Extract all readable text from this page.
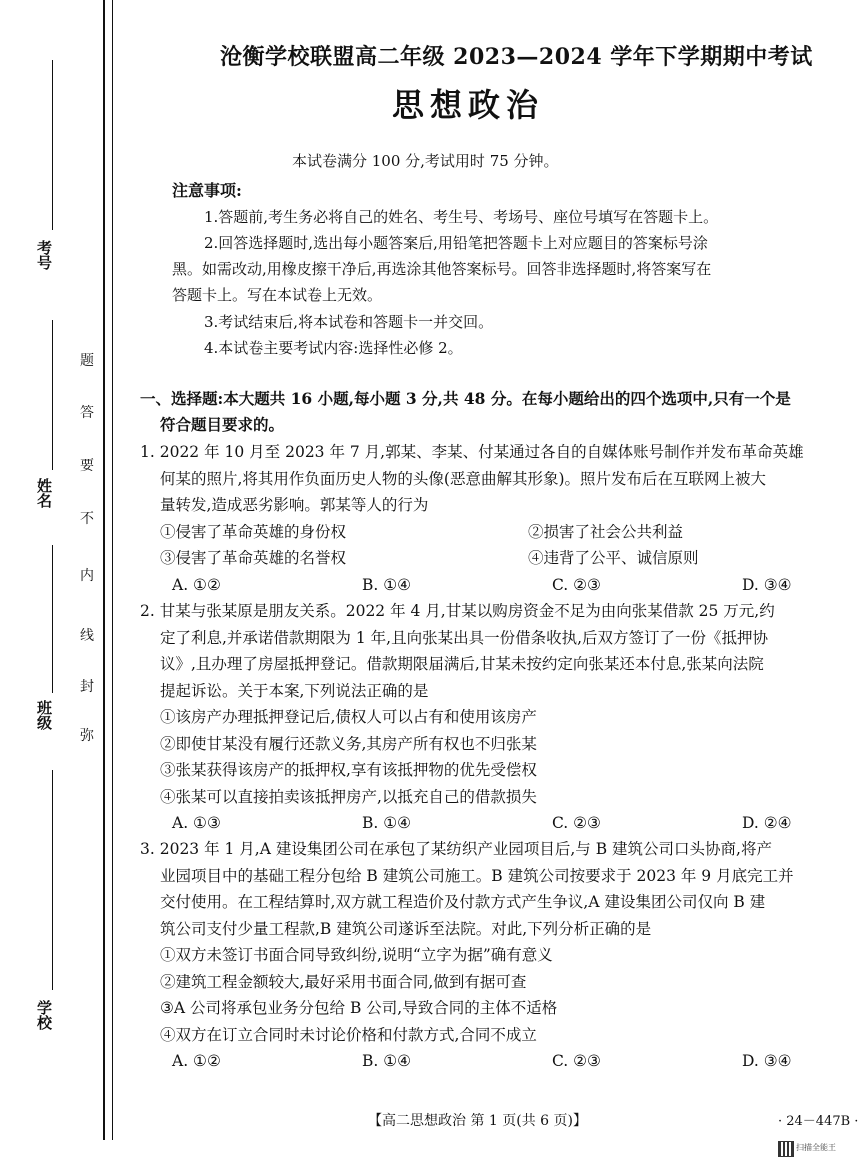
考号
姓名
班级
学校
题
答
要
不
内
线
封
弥
沧衡学校联盟高二年级 2023—2024 学年下学期期中考试
思想政治
本试卷满分 100 分,考试用时 75 分钟。
注意事项:
1.答题前,考生务必将自己的姓名、考生号、考场号、座位号填写在答题卡上。
2.回答选择题时,选出每小题答案后,用铅笔把答题卡上对应题目的答案标号涂
黑。如需改动,用橡皮擦干净后,再选涂其他答案标号。回答非选择题时,将答案写在
答题卡上。写在本试卷上无效。
3.考试结束后,将本试卷和答题卡一并交回。
4.本试卷主要考试内容:选择性必修 2。
一、选择题:本大题共 16 小题,每小题 3 分,共 48 分。在每小题给出的四个选项中,只有一个是
符合题目要求的。
1. 2022 年 10 月至 2023 年 7 月,郭某、李某、付某通过各自的自媒体账号制作并发布革命英雄
何某的照片,将其用作负面历史人物的头像(恶意曲解其形象)。照片发布后在互联网上被大
量转发,造成恶劣影响。郭某等人的行为
①侵害了革命英雄的身份权	②损害了社会公共利益
③侵害了革命英雄的名誉权	④违背了公平、诚信原则
A. ①②	B. ①④	C. ②③	D. ③④
2. 甘某与张某原是朋友关系。2022 年 4 月,甘某以购房资金不足为由向张某借款 25 万元,约
定了利息,并承诺借款期限为 1 年,且向张某出具一份借条收执,后双方签订了一份《抵押协
议》,且办理了房屋抵押登记。借款期限届满后,甘某未按约定向张某还本付息,张某向法院
提起诉讼。关于本案,下列说法正确的是
①该房产办理抵押登记后,债权人可以占有和使用该房产
②即使甘某没有履行还款义务,其房产所有权也不归张某
③张某获得该房产的抵押权,享有该抵押物的优先受偿权
④张某可以直接拍卖该抵押房产,以抵充自己的借款损失
A. ①③	B. ①④	C. ②③	D. ②④
3. 2023 年 1 月,A 建设集团公司在承包了某纺织产业园项目后,与 B 建筑公司口头协商,将产
业园项目中的基础工程分包给 B 建筑公司施工。B 建筑公司按要求于 2023 年 9 月底完工并
交付使用。在工程结算时,双方就工程造价及付款方式产生争议,A 建设集团公司仅向 B 建
筑公司支付少量工程款,B 建筑公司遂诉至法院。对此,下列分析正确的是
①双方未签订书面合同导致纠纷,说明“立字为据”确有意义
②建筑工程金额较大,最好采用书面合同,做到有据可查
③A 公司将承包业务分包给 B 公司,导致合同的主体不适格
④双方在订立合同时未讨论价格和付款方式,合同不成立
A. ①②	B. ①④	C. ②③	D. ③④
【高二思想政治 第 1 页(共 6 页)】	· 24－447B ·
扫描全能王
